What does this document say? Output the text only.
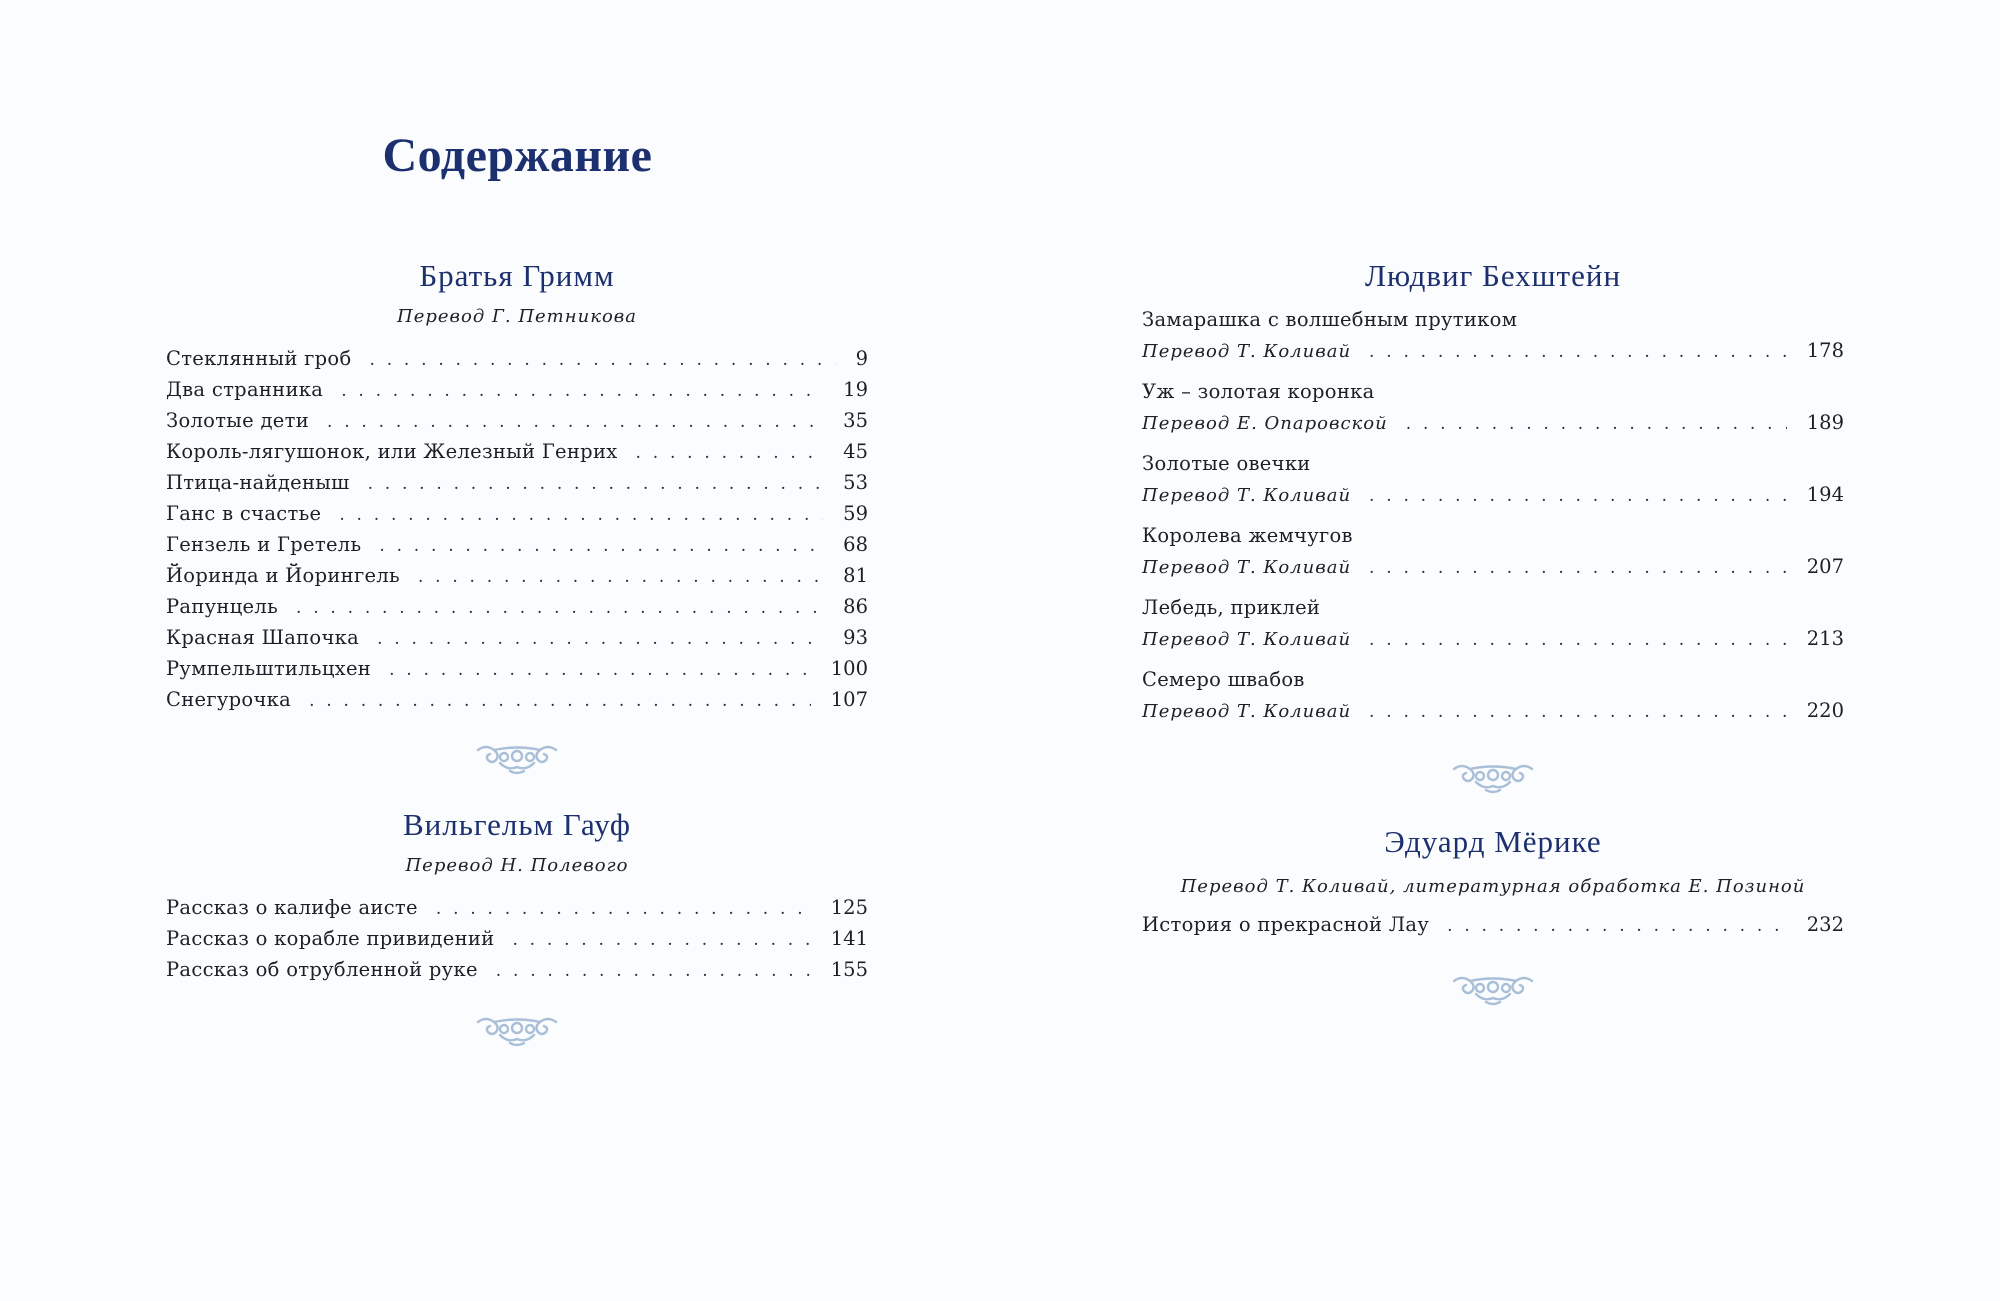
Содержание
Братья Гримм
Перевод Г. Петникова
Стеклянный гроб . . .	9
Два странника . . .	19
Золотые дети . . .	35
Король-лягушонок, или Железный Генрих . . .	45
Птица-найденыш . . .	53
Ганс в счастье . . .	59
Гензель и Гретель . . .	68
Йоринда и Йорингель . . .	81
Рапунцель . . .	86
Красная Шапочка . . .	93
Румпельштильцхен . . .	100
Снегурочка . . .	107
Вильгельм Гауф
Перевод Н. Полевого
Рассказ о калифе аисте . . .	125
Рассказ о корабле привидений . . .	141
Рассказ об отрубленной руке . . .	155
Людвиг Бехштейн
Замарашка с волшебным прутиком
Перевод Т. Коливай . . .	178
Уж – золотая коронка
Перевод Е. Опаровской . . .	189
Золотые овечки
Перевод Т. Коливай . . .	194
Королева жемчугов
Перевод Т. Коливай . . .	207
Лебедь, приклей
Перевод Т. Коливай . . .	213
Семеро швабов
Перевод Т. Коливай . . .	220
Эдуард Мёрике
Перевод Т. Коливай, литературная обработка Е. Позиной
История о прекрасной Лау . . .	232
